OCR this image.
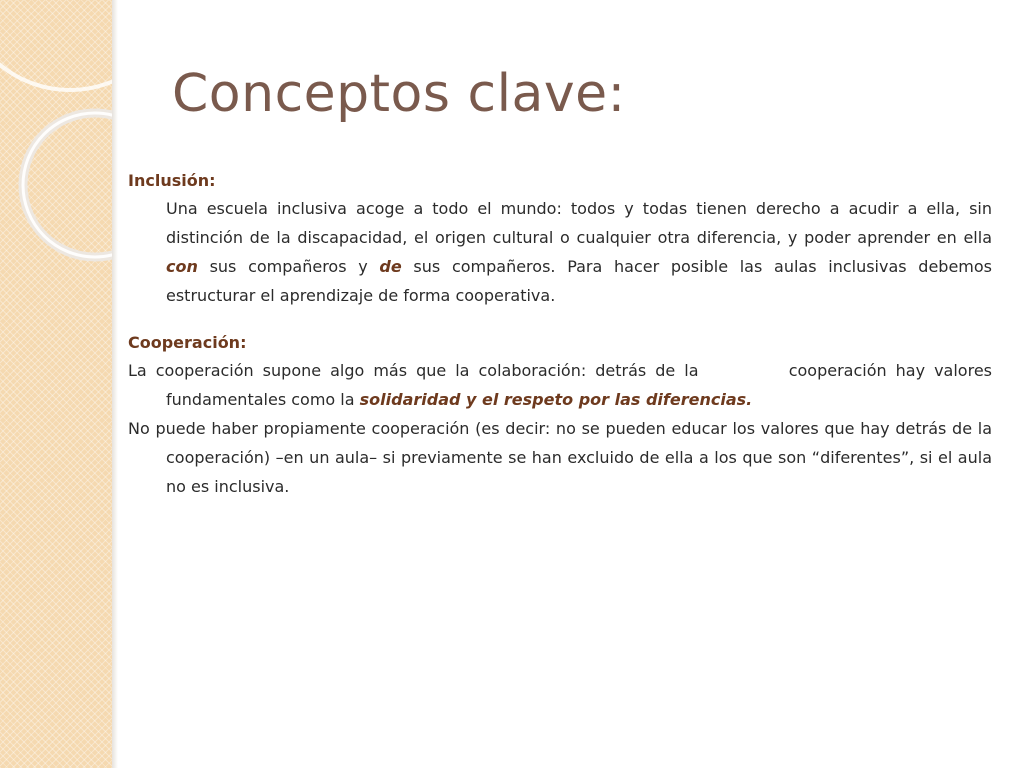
Conceptos clave:

Inclusión:

Una escuela inclusiva acoge a todo el mundo: todos y todas tienen derecho a acudir a ella, sin distinción de la discapacidad, el origen cultural o cualquier otra diferencia, y poder aprender en ella con sus compañeros y de sus compañeros. Para hacer posible las aulas inclusivas debemos estructurar el aprendizaje de forma cooperativa.

Cooperación:

La cooperación supone algo más que la colaboración: detrás de la          cooperación hay valores fundamentales como la solidaridad y el respeto por las diferencias.

No puede haber propiamente cooperación (es decir: no se pueden educar los valores que hay detrás de la cooperación) –en un aula– si previamente se han excluido de ella a los que son “diferentes”, si el aula no es inclusiva.
